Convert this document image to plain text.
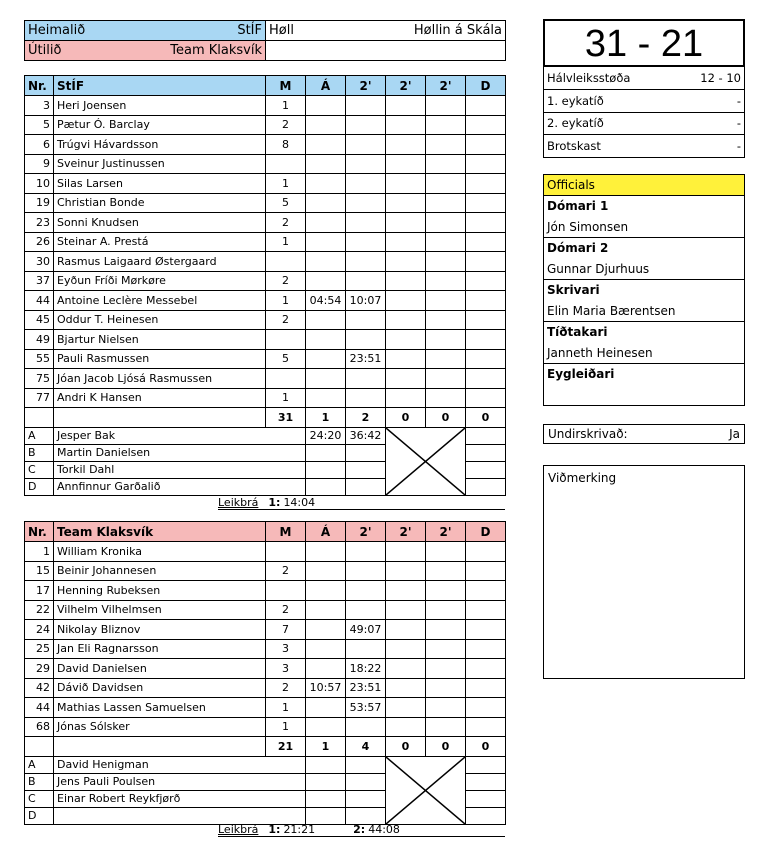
Heimalið StÍF	Høll Høllin á Skála

Útilið Team Klaksvík	

Nr.	StÍF	M	Á	2'	2'	2'	D
3	Heri Joensen	1					
5	Pætur Ó. Barclay	2					
6	Trúgvi Hávardsson	8					
9	Sveinur Justinussen						
10	Silas Larsen	1					
19	Christian Bonde	5					
23	Sonni Knudsen	2					
26	Steinar A. Prestá	1					
30	Rasmus Laigaard Østergaard						
37	Eyðun Fríði Mørkøre	2					
44	Antoine Leclère Messebel	1	04:54	10:07			
45	Oddur T. Heinesen	2					
49	Bjartur Nielsen						
55	Pauli Rasmussen	5		23:51			
75	Jóan Jacob Ljósá Rasmussen						
77	Andri K Hansen	1					
		31	1	2	0	0	0
A	Jesper Bak		24:20	36:42	

B	Martin Danielsen						
C	Torkil Dahl						
D	Annfinnur Garðalið						
Leikbrá 1: 14:04
Nr.	Team Klaksvík	M	Á	2'	2'	2'	D
1	William Kronika						
15	Beinir Johannesen	2					
17	Henning Rubeksen						
22	Vilhelm Vilhelmsen	2					
24	Nikolay Bliznov	7		49:07			
25	Jan Eli Ragnarsson	3					
29	David Danielsen	3		18:22			
42	Dávið Davidsen	2	10:57	23:51			
44	Mathias Lassen Samuelsen	1		53:57			
68	Jónas Sólsker	1					
		21	1	4	0	0	0
A	David Henigman			

B	Jens Pauli Poulsen						
C	Einar Robert Reykfjørð						
D							
Leikbrá 1: 21:21	2: 44:08
31 - 21
Hálvleiksstøða	12 - 10

1. eykatíð	-

2. eykatíð	-

Brotskast	-
Officials
Dómari 1
Jón Simonsen
Dómari 2
Gunnar Djurhuus
Skrivari
Elin Maria Bærentsen
Tíðtakari
Janneth Heinesen
Eygleiðari

Undirskrivað:	Ja
Viðmerking
